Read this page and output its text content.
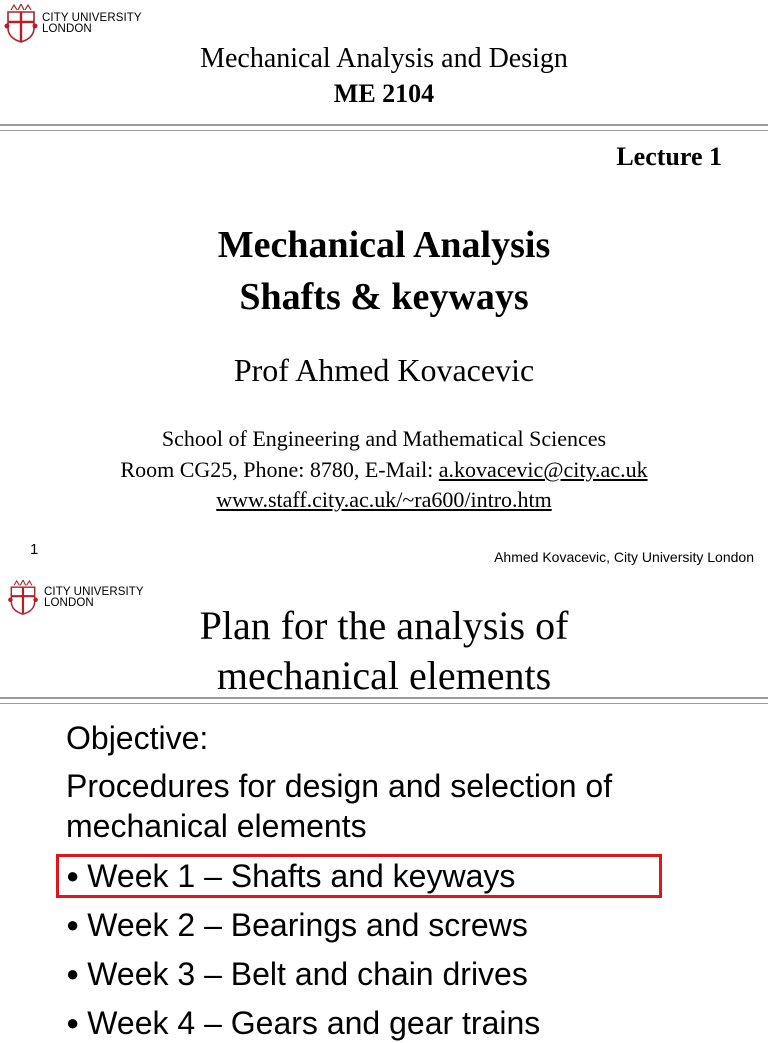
CITY UNIVERSITY
LONDON
Mechanical Analysis and Design
ME 2104
Lecture 1
Mechanical Analysis
Shafts & keyways
Prof Ahmed Kovacevic
School of Engineering and Mathematical Sciences
Room CG25, Phone: 8780, E-Mail: a.kovacevic@city.ac.uk
www.staff.city.ac.uk/~ra600/intro.htm
1	Ahmed Kovacevic, City University London
CITY UNIVERSITY
LONDON	Plan for the analysis of
mechanical elements
Objective:
Procedures for design and selection of mechanical elements
● Week 1 – Shafts and keyways
● Week 2 – Bearings and screws
● Week 3 – Belt and chain drives
● Week 4 – Gears and gear trains
